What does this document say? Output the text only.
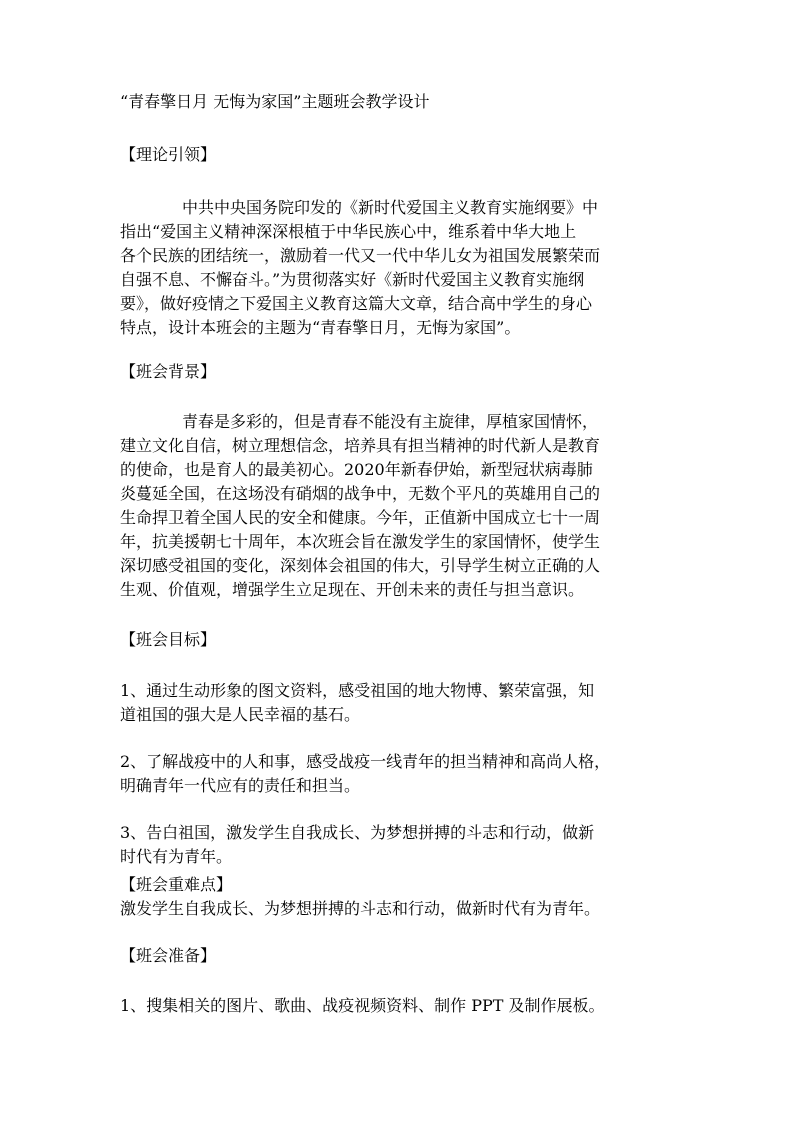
“青春擎日月 无悔为家国”主题班会教学设计
【理论引领】
中共中央国务院印发的《新时代爱国主义教育实施纲要》中
指出“爱国主义精神深深根植于中华民族心中，维系着中华大地上
各个民族的团结统一，激励着一代又一代中华儿女为祖国发展繁荣而
自强不息、不懈奋斗。”为贯彻落实好《新时代爱国主义教育实施纲
要》，做好疫情之下爱国主义教育这篇大文章，结合高中学生的身心
特点，设计本班会的主题为“青春擎日月，无悔为家国”。
【班会背景】
青春是多彩的，但是青春不能没有主旋律，厚植家国情怀，
建立文化自信，树立理想信念，培养具有担当精神的时代新人是教育
的使命，也是育人的最美初心。2020年新春伊始，新型冠状病毒肺
炎蔓延全国，在这场没有硝烟的战争中，无数个平凡的英雄用自己的
生命捍卫着全国人民的安全和健康。今年，正值新中国成立七十一周
年，抗美援朝七十周年，本次班会旨在激发学生的家国情怀，使学生
深切感受祖国的变化，深刻体会祖国的伟大，引导学生树立正确的人
生观、价值观，增强学生立足现在、开创未来的责任与担当意识。
【班会目标】
1、通过生动形象的图文资料，感受祖国的地大物博、繁荣富强，知
道祖国的强大是人民幸福的基石。
2、了解战疫中的人和事，感受战疫一线青年的担当精神和高尚人格，
明确青年一代应有的责任和担当。
3、告白祖国，激发学生自我成长、为梦想拼搏的斗志和行动，做新
时代有为青年。
【班会重难点】
激发学生自我成长、为梦想拼搏的斗志和行动，做新时代有为青年。
【班会准备】
1、搜集相关的图片、歌曲、战疫视频资料、制作 PPT 及制作展板。
